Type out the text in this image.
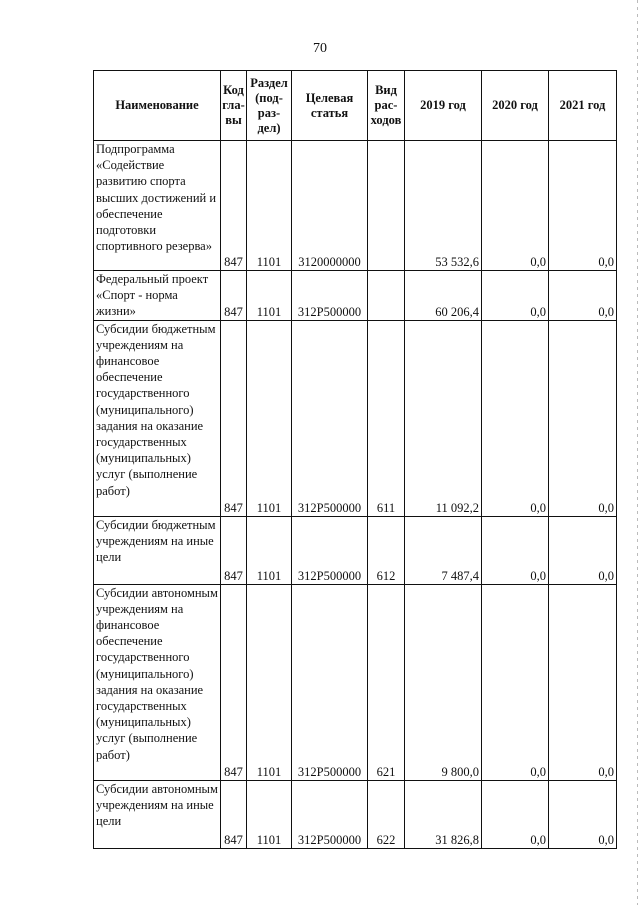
70
Наименование	Код гла-вы	Раздел (под-раз-дел)	Целевая статья	Вид рас-ходов	2019 год	2020 год	2021 год
Подпрограмма «Содействие развитию спорта высших достижений и обеспечение подготовки спортивного резерва»	847	1101	3120000000		53 532,6	0,0	0,0
Федеральный проект «Спорт - норма жизни»	847	1101	312P500000		60 206,4	0,0	0,0
Субсидии бюджетным учреждениям на финансовое обеспечение государственного (муниципального) задания на оказание государственных (муниципальных) услуг (выполнение работ)	847	1101	312P500000	611	11 092,2	0,0	0,0
Субсидии бюджетным учреждениям на иные цели	847	1101	312P500000	612	7 487,4	0,0	0,0
Субсидии автономным учреждениям на финансовое обеспечение государственного (муниципального) задания на оказание государственных (муниципальных) услуг (выполнение работ)	847	1101	312P500000	621	9 800,0	0,0	0,0
Субсидии автономным учреждениям на иные цели	847	1101	312P500000	622	31 826,8	0,0	0,0
